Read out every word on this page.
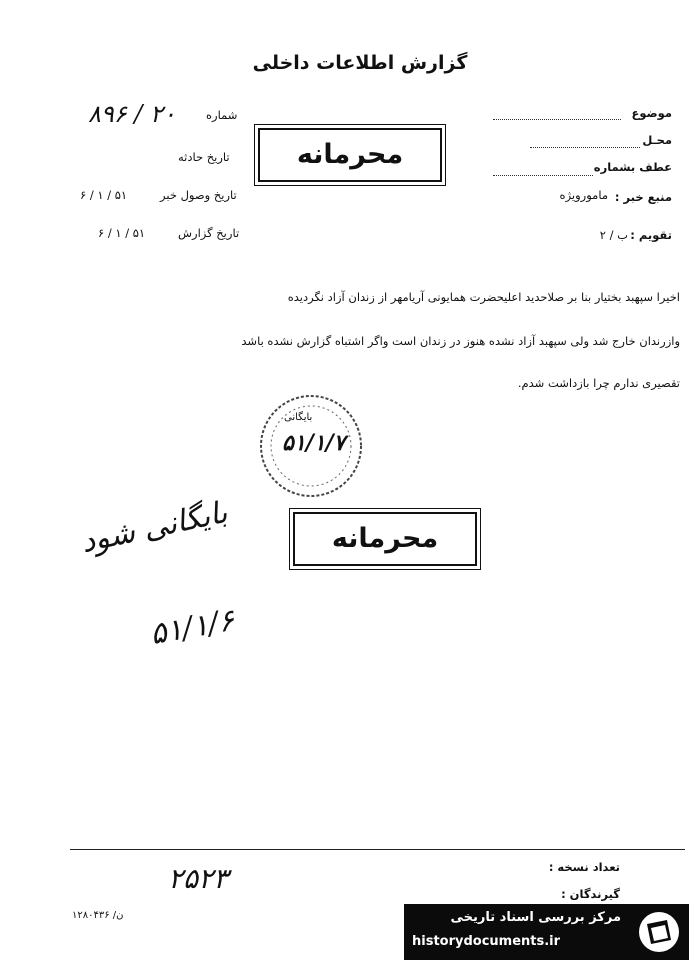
گزارش اطلاعات داخلی
موضوع
محـل
عطف بشماره
منبع خبر :
مامورویژه
تقویم :
ب / ۲
شماره
۸۹۶ / ۲۰
تاریخ حادثه
تاریخ وصول خبر
۶ / ۱ / ۵۱
تاریخ گزارش
۶ / ۱ / ۵۱
محرمانه
اخیرا سپهبد بختیار بنا بر صلاحدید اعلیحضرت همایونی آریامهر از زندان آزاد نگردیده
وازرندان خارج شد ولی سپهبد آزاد نشده هنوز در زندان است واگر اشتباه گزارش نشده باشد
تقصیری ندارم چرا بازداشت شدم.
بایگانی
۵۱/۱/۷
محرمانه
بایگانی شود
۵۱/۱/۶
تعداد نسخه :
گیرندگان :
۲۵۲۳
ن/ ۱۲۸۰۴۳۶	مرکز بررسی اسناد تاریخی
historydocuments.ir
